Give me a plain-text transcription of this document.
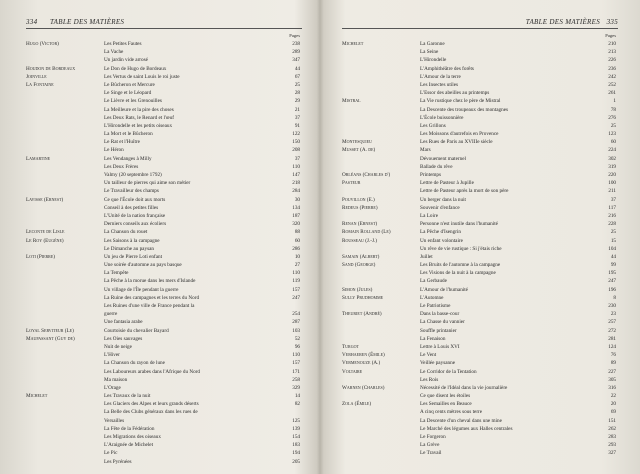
334 TABLE DES MATIÈRES
Pages
Hugo (Victor)	Les Petites Fautes	238
La Vache	289
Un jardin vide arrosé	347
Houdon de Bordeaux	Le Don de Hugo de Bordeaux	44
Joinville	Les Vertus de saint Louis le roi juste	67
La Fontaine	Le Bûcheron et Mercure	25
Le Singe et le Léopard	28
Le Lièvre et les Grenouilles	29
La Meilleure et la pire des choses	21
Les Deux Rats, le Renard et l'œuf	37
L'Hirondelle et les petits oiseaux	91
La Mort et le Bûcheron	122
Le Rat et l'Huître	150
Le Héron	208
Lamartine	Les Vendanges à Milly	37
Les Deux Frères	110
Valmy (20 septembre 1792)	147
Un tailleur de pierres qui aime son métier	218
Le Travailleur des champs	284
Lavisse (Ernest)	Ce que l'École doit aux morts	30
Conseil à des petites filles	134
L'Unité de la nation française	187
Derniers conseils aux écoliers	320
Leconte de Lisle	La Chanson du rouet	88
Le Roy (Eugène)	Les Saisons à la campagne	60
Le Dimanche au paysan	286
Loti (Pierre)	Un jeu de Pierre Loti enfant	10
Une soirée d'automne au pays basque	27
La Tempête	110
La Pêche à la morue dans les mers d'Islande	119
Un village de l'Île pendant la guerre	157
La Ruine des campagnes et les terres du Nord	247
Les Ruines d'une ville de France pendant la
guerre	254
Une fantasia arabe	287
Loyal Serviteur (Le)	Courtoisie du chevalier Bayard	103
Maupassant (Guy de)	Les Oies sauvages	52
Nuit de neige	96
L'Hiver	110
La Chanson du rayon de lune	157
Les Laboureurs arabes dans l'Afrique du Nord	171
Ma maison	258
L'Orage	329
Michelet	Les Travaux de la nuit	14
Les Glaciers des Alpes et leurs grands déserts	82
La Belle des Clubs généraux dans les rues de
Versailles	125
La Fête de la Fédération	139
Les Migrations des oiseaux	154
L'Araignée de Michelet	183
Le Pic	194
Les Pyrénées	205
TABLE DES MATIÈRES 335
Pages
Michelet	La Garonne	210
La Seine	213
L'Hirondelle	226
L'Amphithéâtre des forêts	236
L'Amour de la terre	242
Les Insectes utiles	252
L'Essor des abeilles au printemps	261
Mistral	La Vie rustique chez le père de Mistral	1
La Descente des troupeaux des montagnes	78
L'École buissonnière	276
Les Grillons	25
Les Moissons d'autrefois en Provence	123
Montesquieu	Les Rues de Paris au XVIIIe siècle	60
Musset (A. de)	Mars	224
Dévouement maternel	302
Ballade du rêve	319
Orléans (Charles d')	Printemps	220
Pasteur	Lettre de Pasteur à Jupille	100
Lettre de Pasteur après la mort de son père	211
Pouvillon (E.)	Un berger dans la nuit	37
Redeus (Pierre)	Souvenir d'enfance	117
La Loire	216
Renan (Ernest)	Personne n'est inutile dans l'humanité	228
Romain Rolland (Le)	La Pêche d'Isengrin	25
Rousseau (J.-J.)	Un enfant volontaire	15
Un rêve de vie rustique : Si j'étais riche	104
Samain (Albert)	Juillet	44
Sand (George)	Les Bruits de l'automne à la campagne	99
Les Visions de la nuit à la campagne	195
La Gerbaude	247
Simon (Jules)	L'Amour de l'humanité	196
Sully Prudhomme	L'Automne	8
Le Patriotisme	230
Theuriet (André)	Dans la basse-cour	23
La Chasse du vannier	257
Souffle printanier	272
La Fenaison	281
Turgot	Lettre à Louis XVI	124
Verhaeren (Émile)	Le Vent	76
Vermenouze (A.)	Veillée paysanne	89
Voltaire	Le Corridor de la Tentation	227
Les Rois	305
Warnen (Charles)	Nécessité de l'Idéal dans la vie journalière	316
Ce que disent les étoiles	22
Zola (Émile)	Les Semailles en Beauce	20
A cinq cents mètres sous terre	69
La Descente d'un cheval dans une mine	151
Le Marché des légumes aux Halles centrales	262
Le Forgeron	283
La Grève	293
Le Travail	327
